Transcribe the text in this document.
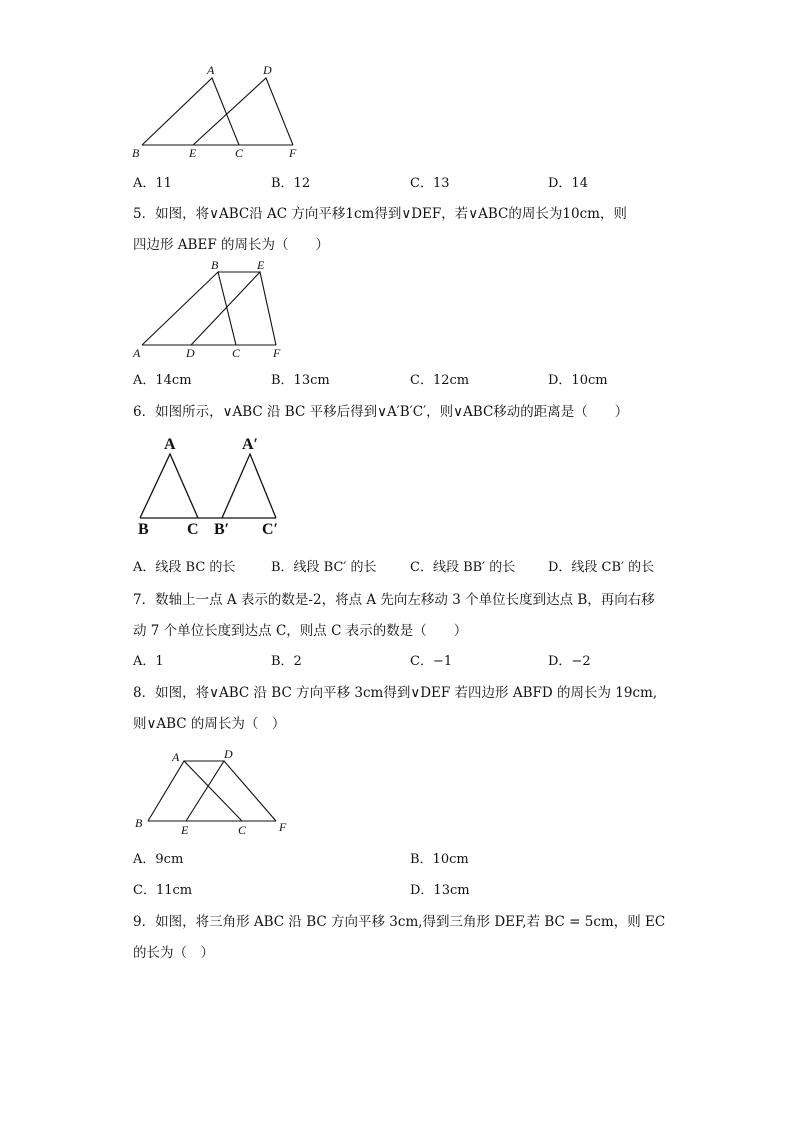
A	D
B	E	C	F
A．11	B．12	C．13	D．14
5．如图，将∨ABC沿 AC 方向平移1cm得到∨DEF，若∨ABC的周长为10cm，则
四边形 ABEF 的周长为（　　）
B	E
A	D	C	F
A．14cm	B．13cm	C．12cm	D．10cm
6．如图所示，∨ABC 沿 BC 平移后得到∨A′B′C′，则∨ABC移动的距离是（　　）
A	A′
B C B′ C′
A．线段 BC 的长	B．线段 BC′ 的长	C．线段 BB′ 的长	D．线段 CB′ 的长
7．数轴上一点 A 表示的数是-2，将点 A 先向左移动 3 个单位长度到达点 B，再向右移
动 7 个单位长度到达点 C，则点 C 表示的数是（　　）
A．1	B．2	C．−1	D．−2
8．如图，将∨ABC 沿 BC 方向平移 3cm得到∨DEF 若四边形 ABFD 的周长为 19cm,
则∨ABC 的周长为（　）
A	D
B	E	C	F
A．9cm	B．10cm
C．11cm	D．13cm
9．如图，将三角形 ABC 沿 BC 方向平移 3cm,得到三角形 DEF,若 BC = 5cm，则 EC
的长为（　）
